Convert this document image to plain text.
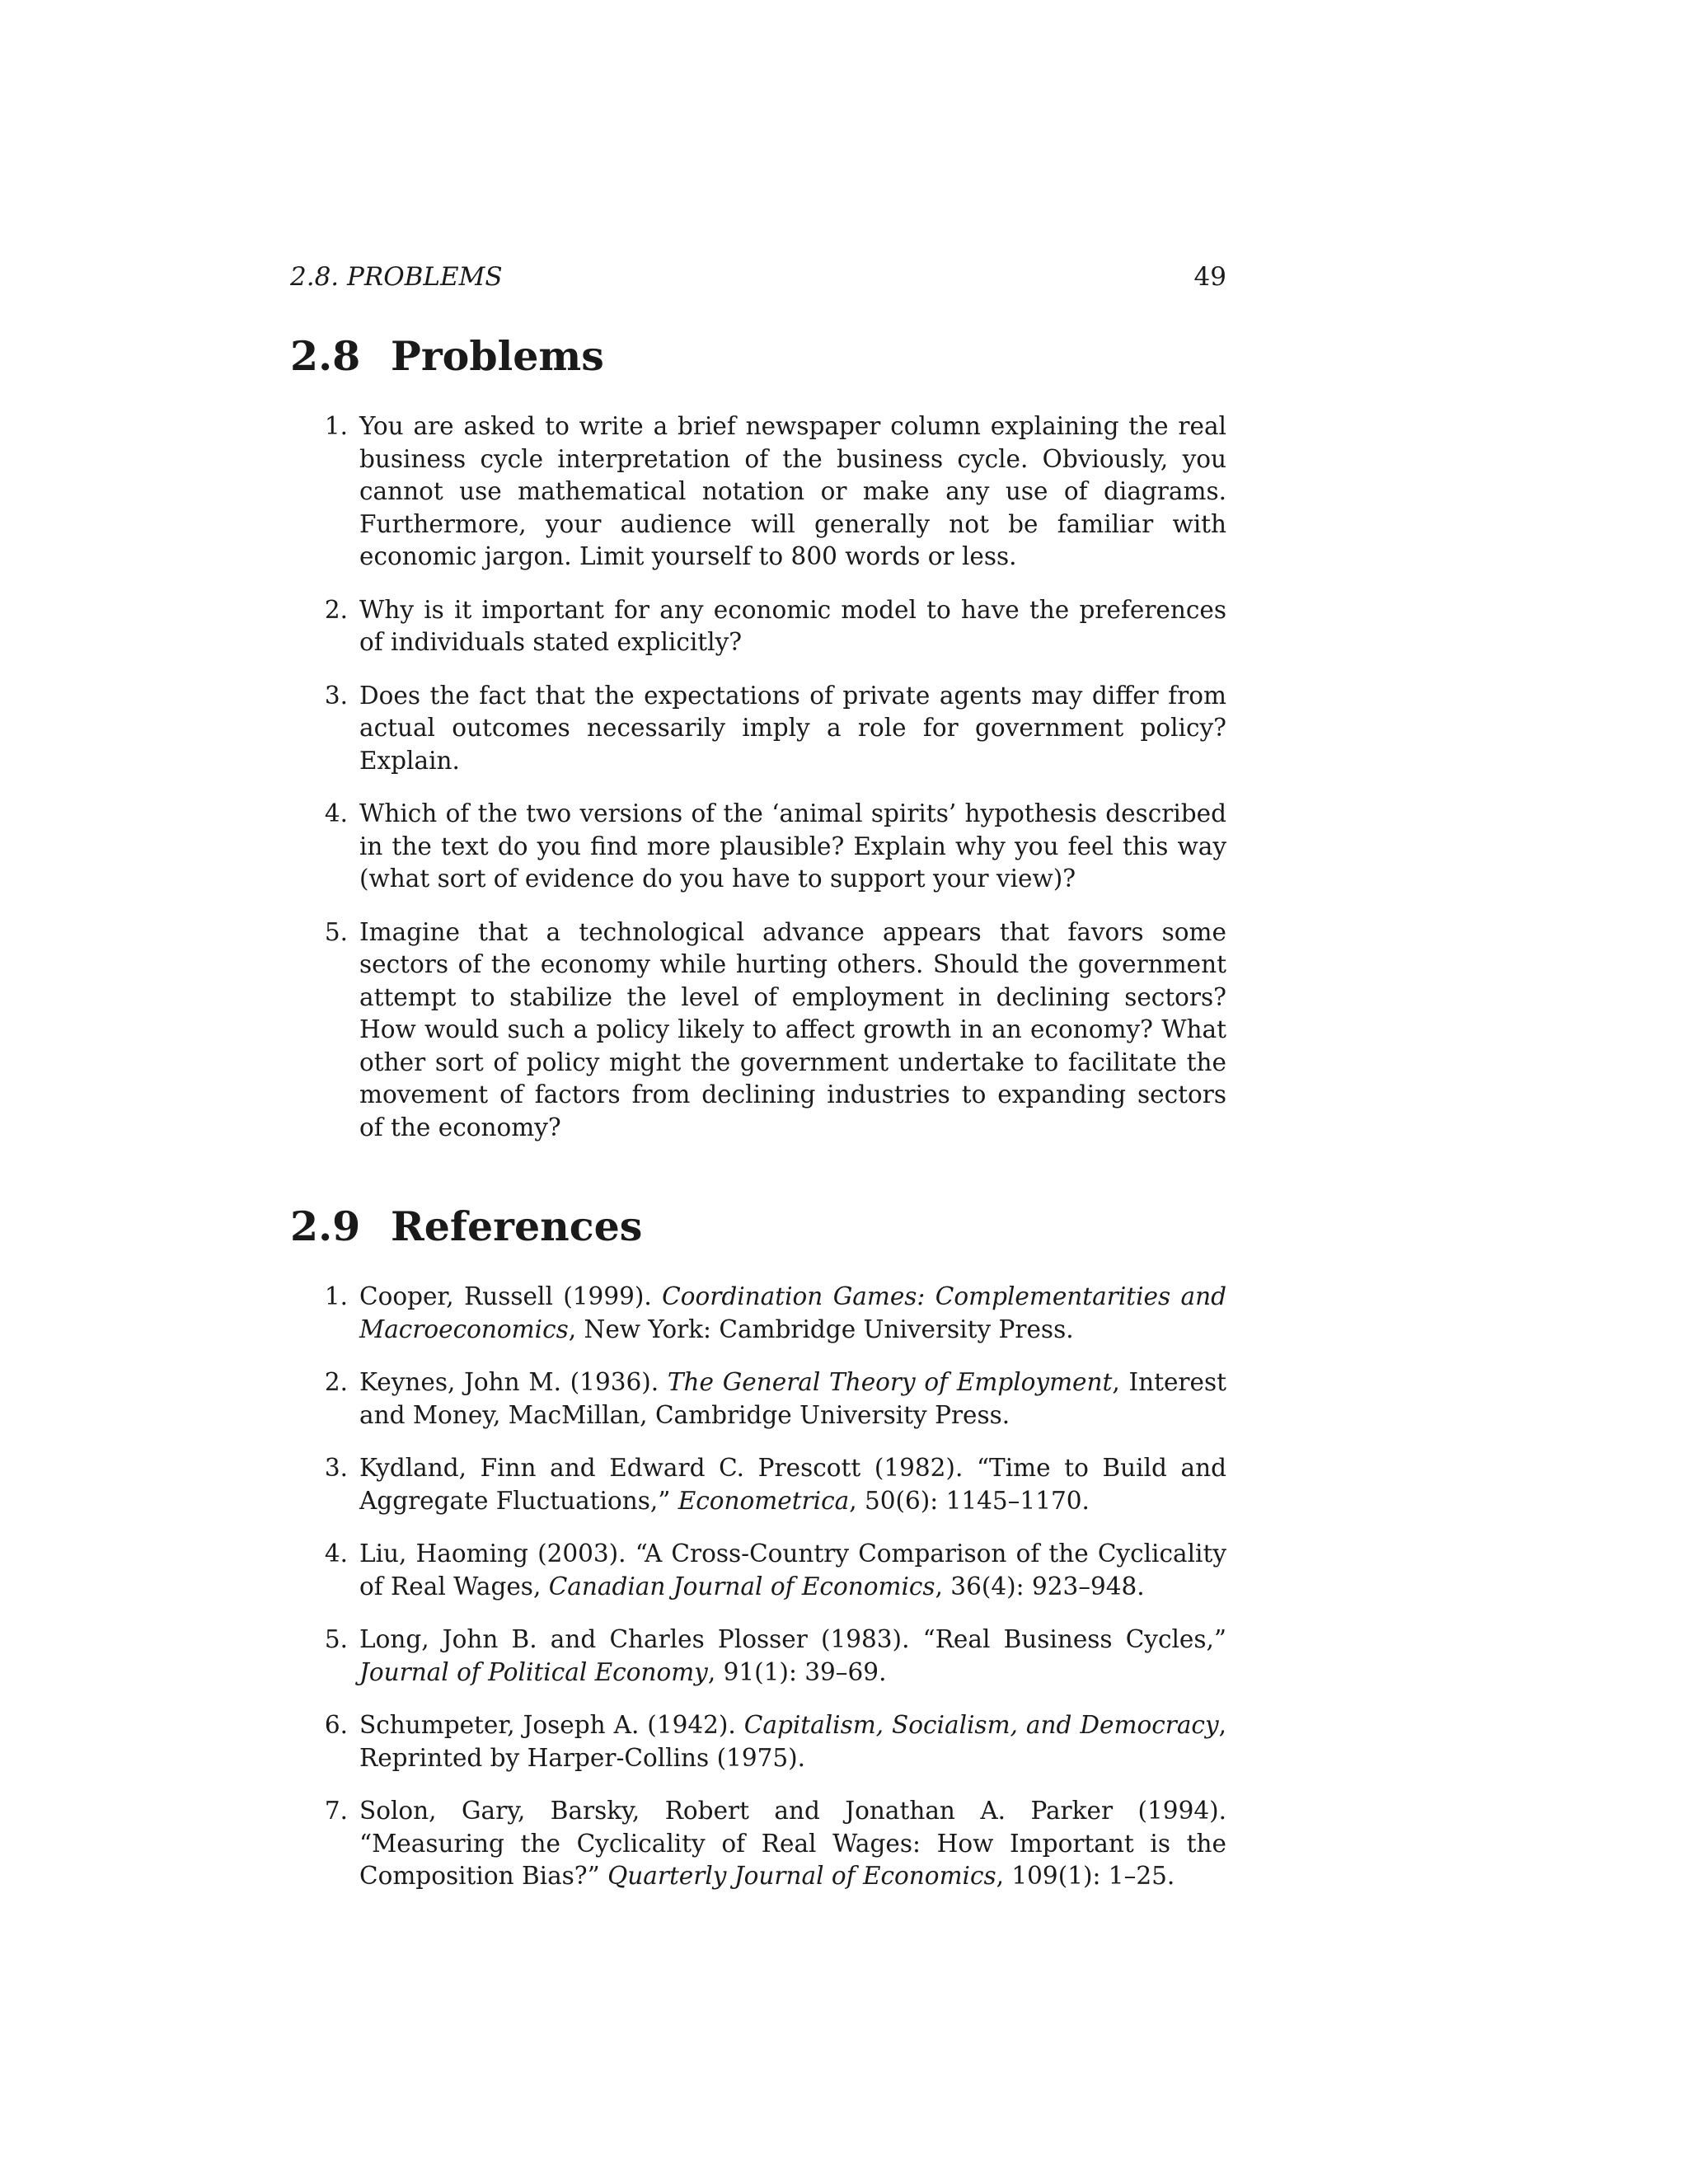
2.8. PROBLEMS	49
2.8 Problems
1. You are asked to write a brief newspaper column explaining the real business cycle interpretation of the business cycle. Obviously, you cannot use mathematical notation or make any use of diagrams. Furthermore, your audience will generally not be familiar with economic jargon. Limit yourself to 800 words or less.
2. Why is it important for any economic model to have the preferences of individuals stated explicitly?
3. Does the fact that the expectations of private agents may differ from actual outcomes necessarily imply a role for government policy? Explain.
4. Which of the two versions of the ‘animal spirits’ hypothesis described in the text do you find more plausible? Explain why you feel this way (what sort of evidence do you have to support your view)?
5. Imagine that a technological advance appears that favors some sectors of the economy while hurting others. Should the government attempt to stabilize the level of employment in declining sectors? How would such a policy likely to affect growth in an economy? What other sort of policy might the government undertake to facilitate the movement of factors from declining industries to expanding sectors of the economy?
2.9 References
1. Cooper, Russell (1999). Coordination Games: Complementarities and Macroeconomics, New York: Cambridge University Press.
2. Keynes, John M. (1936). The General Theory of Employment, Interest and Money, MacMillan, Cambridge University Press.
3. Kydland, Finn and Edward C. Prescott (1982). “Time to Build and Aggregate Fluctuations,” Econometrica, 50(6): 1145–1170.
4. Liu, Haoming (2003). “A Cross-Country Comparison of the Cyclicality of Real Wages, Canadian Journal of Economics, 36(4): 923–948.
5. Long, John B. and Charles Plosser (1983). “Real Business Cycles,” Journal of Political Economy, 91(1): 39–69.
6. Schumpeter, Joseph A. (1942). Capitalism, Socialism, and Democracy, Reprinted by Harper-Collins (1975).
7. Solon, Gary, Barsky, Robert and Jonathan A. Parker (1994). “Measuring the Cyclicality of Real Wages: How Important is the Composition Bias?” Quarterly Journal of Economics, 109(1): 1–25.
